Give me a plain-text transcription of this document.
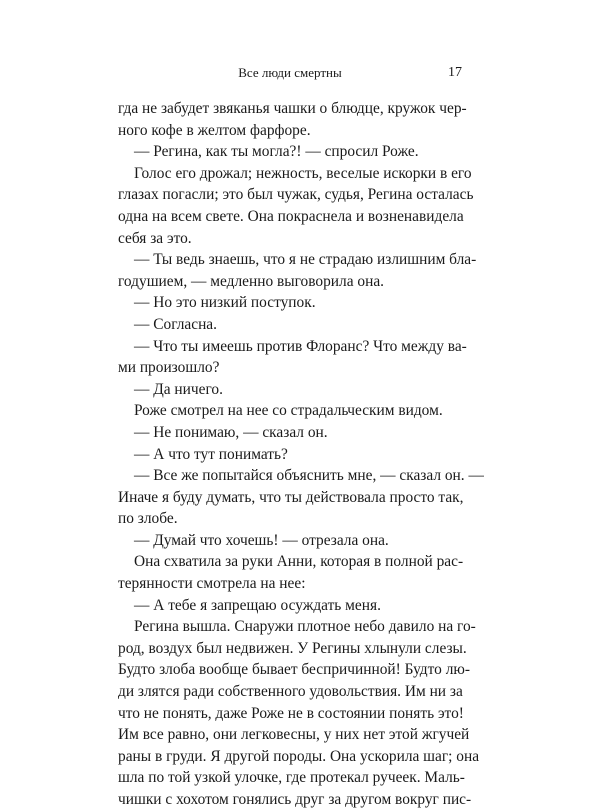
Все люди смертны	17
гда не забудет звяканья чашки о блюдце, кружок чер-
ного кофе в желтом фарфоре.
— Регина, как ты могла?! — спросил Роже.
Голос его дрожал; нежность, веселые искорки в его
глазах погасли; это был чужак, судья, Регина осталась
одна на всем свете. Она покраснела и возненавидела
себя за это.
— Ты ведь знаешь, что я не страдаю излишним бла-
годушием, — медленно выговорила она.
— Но это низкий поступок.
— Согласна.
— Что ты имеешь против Флоранс? Что между ва-
ми произошло?
— Да ничего.
Роже смотрел на нее со страдальческим видом.
— Не понимаю, — сказал он.
— А что тут понимать?
— Все же попытайся объяснить мне, — сказал он. —
Иначе я буду думать, что ты действовала просто так,
по злобе.
— Думай что хочешь! — отрезала она.
Она схватила за руки Анни, которая в полной рас-
терянности смотрела на нее:
— А тебе я запрещаю осуждать меня.
Регина вышла. Снаружи плотное небо давило на го-
род, воздух был недвижен. У Регины хлынули слезы.
Будто злоба вообще бывает беспричинной! Будто лю-
ди злятся ради собственного удовольствия. Им ни за
что не понять, даже Роже не в состоянии понять это!
Им все равно, они легковесны, у них нет этой жгучей
раны в груди. Я другой породы. Она ускорила шаг; она
шла по той узкой улочке, где протекал ручеек. Маль-
чишки с хохотом гонялись друг за другом вокруг пис-
